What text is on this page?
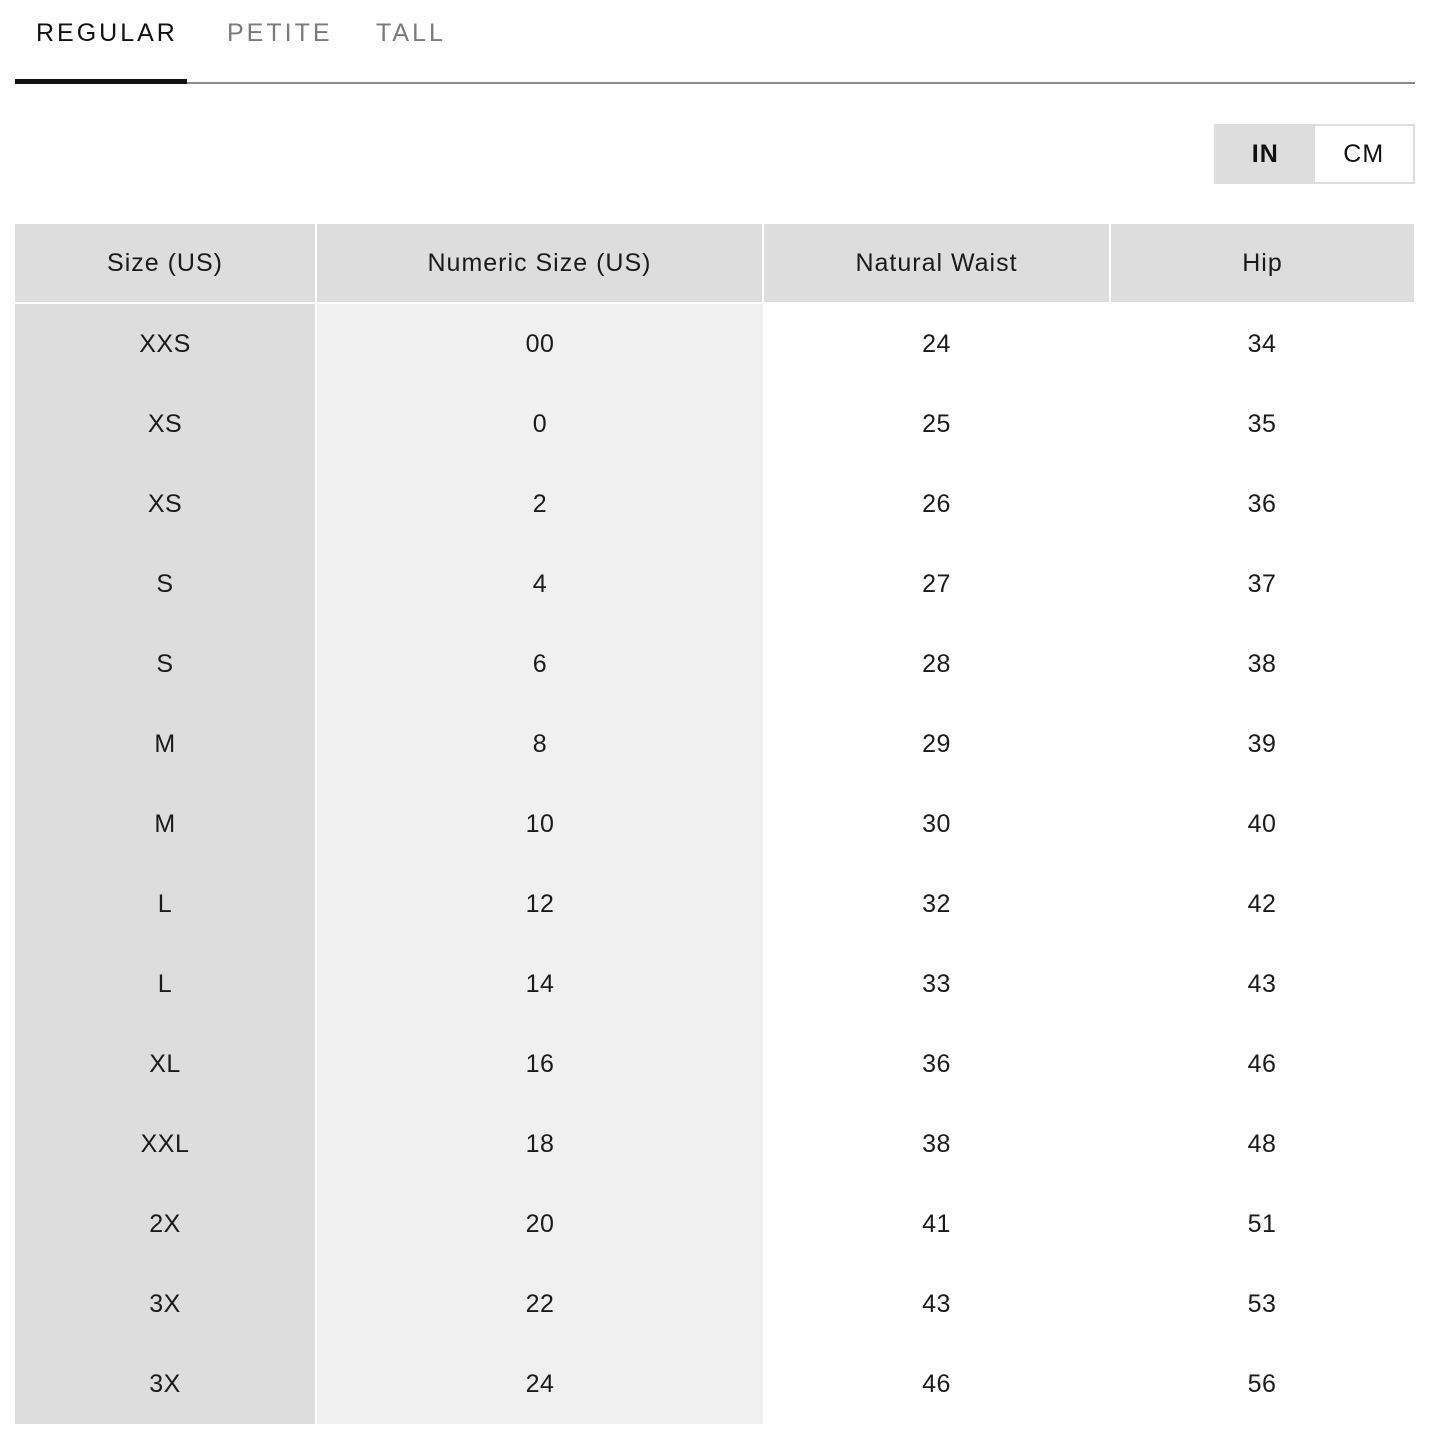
REGULAR PETITE TALL
IN	CM
Size (US)	Numeric Size (US)	Natural Waist	Hip
XXS	00	24	34
XS	0	25	35
XS	2	26	36
S	4	27	37
S	6	28	38
M	8	29	39
M	10	30	40
L	12	32	42
L	14	33	43
XL	16	36	46
XXL	18	38	48
2X	20	41	51
3X	22	43	53
3X	24	46	56
